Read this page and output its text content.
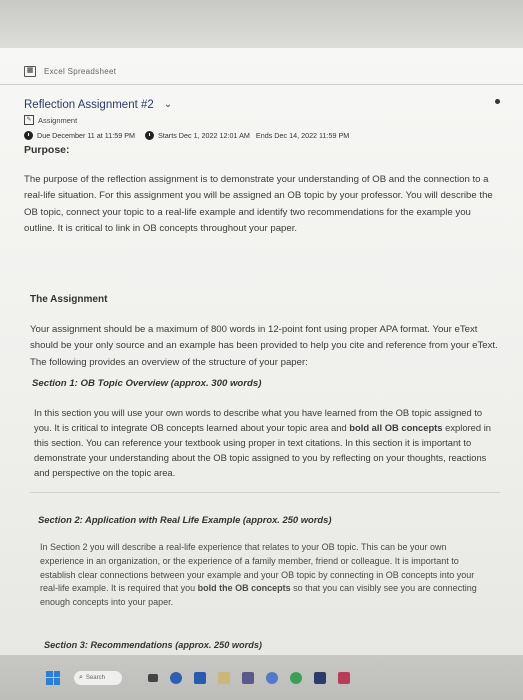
▦	Excel Spreadsheet
Reflection Assignment #2 ⌄
✎ Assignment
Due December 11 at 11:59 PM	Starts Dec 1, 2022 12:01 AM Ends Dec 14, 2022 11:59 PM
Purpose:
The purpose of the reflection assignment is to demonstrate your understanding of OB and the connection to a real-life situation. For this assignment you will be assigned an OB topic by your professor. You will describe the OB topic, connect your topic to a real-life example and identify two recommendations for the example you outline. It is critical to link in OB concepts throughout your paper.
The Assignment
Your assignment should be a maximum of 800 words in 12-point font using proper APA format. Your eText should be your only source and an example has been provided to help you cite and reference from your eText. The following provides an overview of the structure of your paper:
Section 1: OB Topic Overview (approx. 300 words)
In this section you will use your own words to describe what you have learned from the OB topic assigned to you. It is critical to integrate OB concepts learned about your topic area and bold all OB concepts explored in this section. You can reference your textbook using proper in text citations. In this section it is important to demonstrate your understanding about the OB topic assigned to you by reflecting on your thoughts, reactions and perspective on the topic area.
Section 2: Application with Real Life Example (approx. 250 words)
In Section 2 you will describe a real-life experience that relates to your OB topic. This can be your own experience in an organization, or the experience of a family member, friend or colleague. It is important to establish clear connections between your example and your OB topic by connecting in OB concepts into your real-life example. It is required that you bold the OB concepts so that you can visibly see you are connecting enough concepts into your paper.
Section 3: Recommendations (approx. 250 words)
⌕ Search
